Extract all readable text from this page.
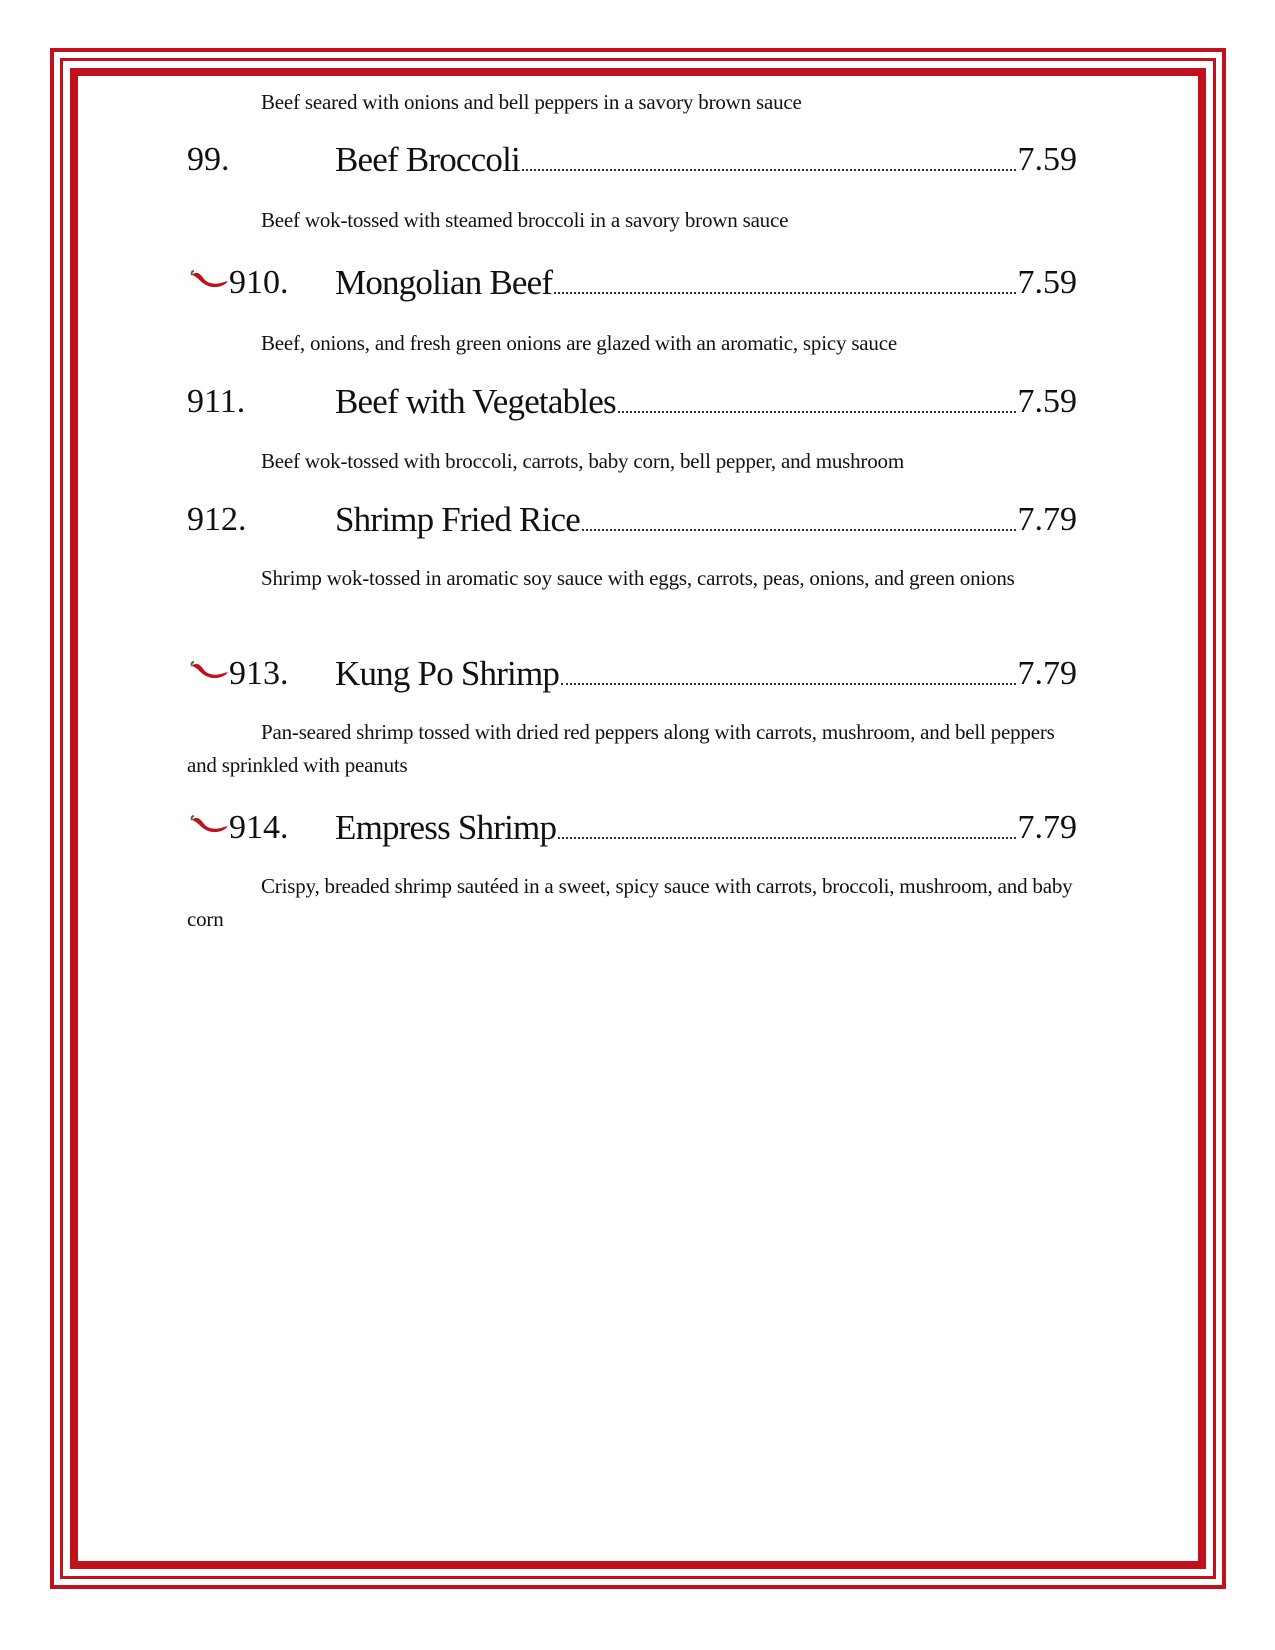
Beef seared with onions and bell peppers in a savory brown sauce

99.	Beef Broccoli	7.59

Beef wok-tossed with steamed broccoli in a savory brown sauce

910.	Mongolian Beef	7.59

Beef, onions, and fresh green onions are glazed with an aromatic, spicy sauce

911.	Beef with Vegetables	7.59

Beef wok-tossed with broccoli, carrots, baby corn, bell pepper, and mushroom

912.	Shrimp Fried Rice	7.79

Shrimp wok-tossed in aromatic soy sauce with eggs, carrots, peas, onions, and green onions

913.	Kung Po Shrimp	7.79

Pan-seared shrimp tossed with dried red peppers along with carrots, mushroom, and bell peppers and sprinkled with peanuts

914.	Empress Shrimp	7.79

Crispy, breaded shrimp sautéed in a sweet, spicy sauce with carrots, broccoli, mushroom, and baby corn
